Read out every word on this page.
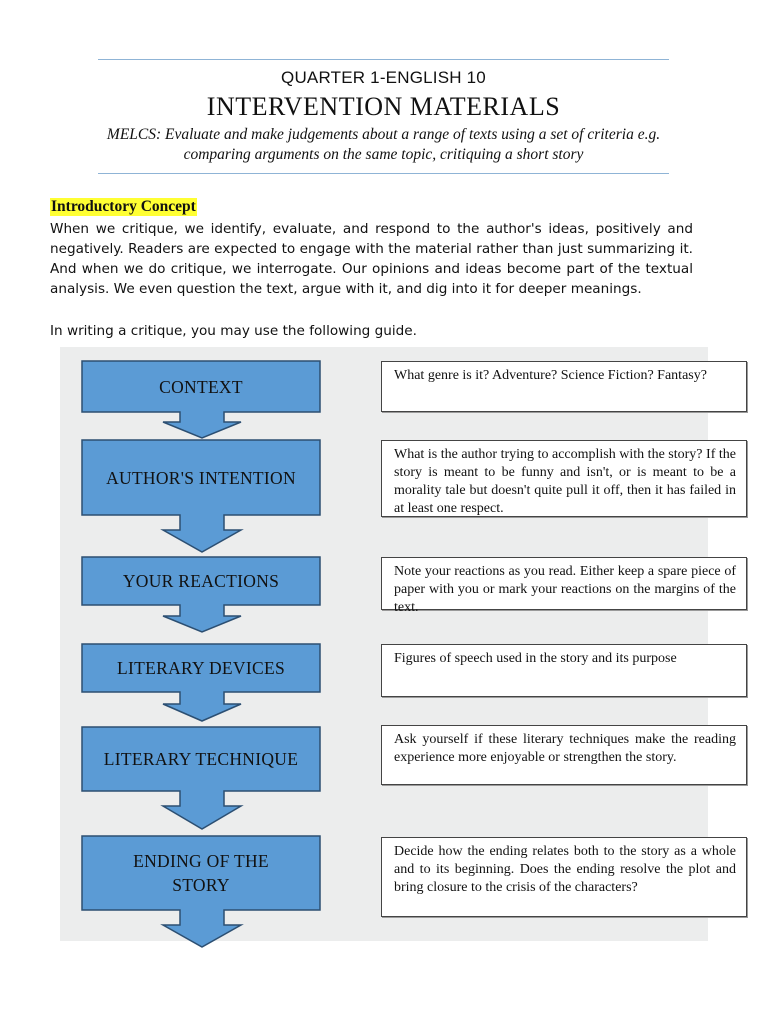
QUARTER 1-ENGLISH 10
INTERVENTION MATERIALS
MELCS: Evaluate and make judgements about a range of texts using a set of criteria e.g. comparing arguments on the same topic, critiquing a short story
Introductory Concept

When we critique, we identify, evaluate, and respond to the author's ideas, positively and negatively. Readers are expected to engage with the material rather than just summarizing it. And when we do critique, we interrogate. Our opinions and ideas become part of the textual analysis. We even question the text, argue with it, and dig into it for deeper meanings.

In writing a critique, you may use the following guide.
CONTEXT
What genre is it? Adventure? Science Fiction? Fantasy?
AUTHOR'S INTENTION
What is the author trying to accomplish with the story? If the story is meant to be funny and isn't, or is meant to be a morality tale but doesn't quite pull it off, then it has failed in at least one respect.
YOUR REACTIONS	Note your reactions as you read. Either keep a spare piece of paper with you or mark your reactions on the margins of the text.
LITERARY DEVICES	Figures of speech used in the story and its purpose
LITERARY TECHNIQUE
Ask yourself if these literary techniques make the reading experience more enjoyable or strengthen the story.
ENDING OF THE STORY
Decide how the ending relates both to the story as a whole and to its beginning. Does the ending resolve the plot and bring closure to the crisis of the characters?
